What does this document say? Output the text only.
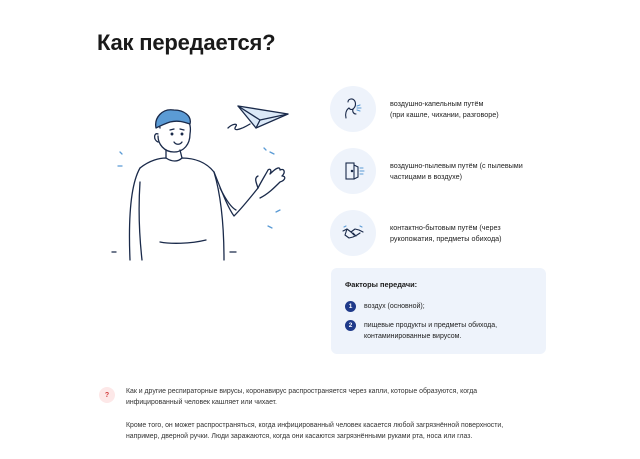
Как передается?
воздушно-капельным путём
(при кашле, чихании, разговоре)
воздушно-пылевым путём (с пылевыми
частицами в воздухе)
контактно-бытовым путём (через
рукопожатия, предметы обихода)
Факторы передачи:
1	воздух (основной);
2	пищевые продукты и предметы обихода,
контаминированные вирусом.
?	Как и другие респираторные вирусы, коронавирус распространяется через капли, которые образуются, когда
инфицированный человек кашляет или чихает.

Кроме того, он может распространяться, когда инфицированный человек касается любой загрязнённой поверхности,
например, дверной ручки. Люди заражаются, когда они касаются загрязнёнными руками рта, носа или глаз.
